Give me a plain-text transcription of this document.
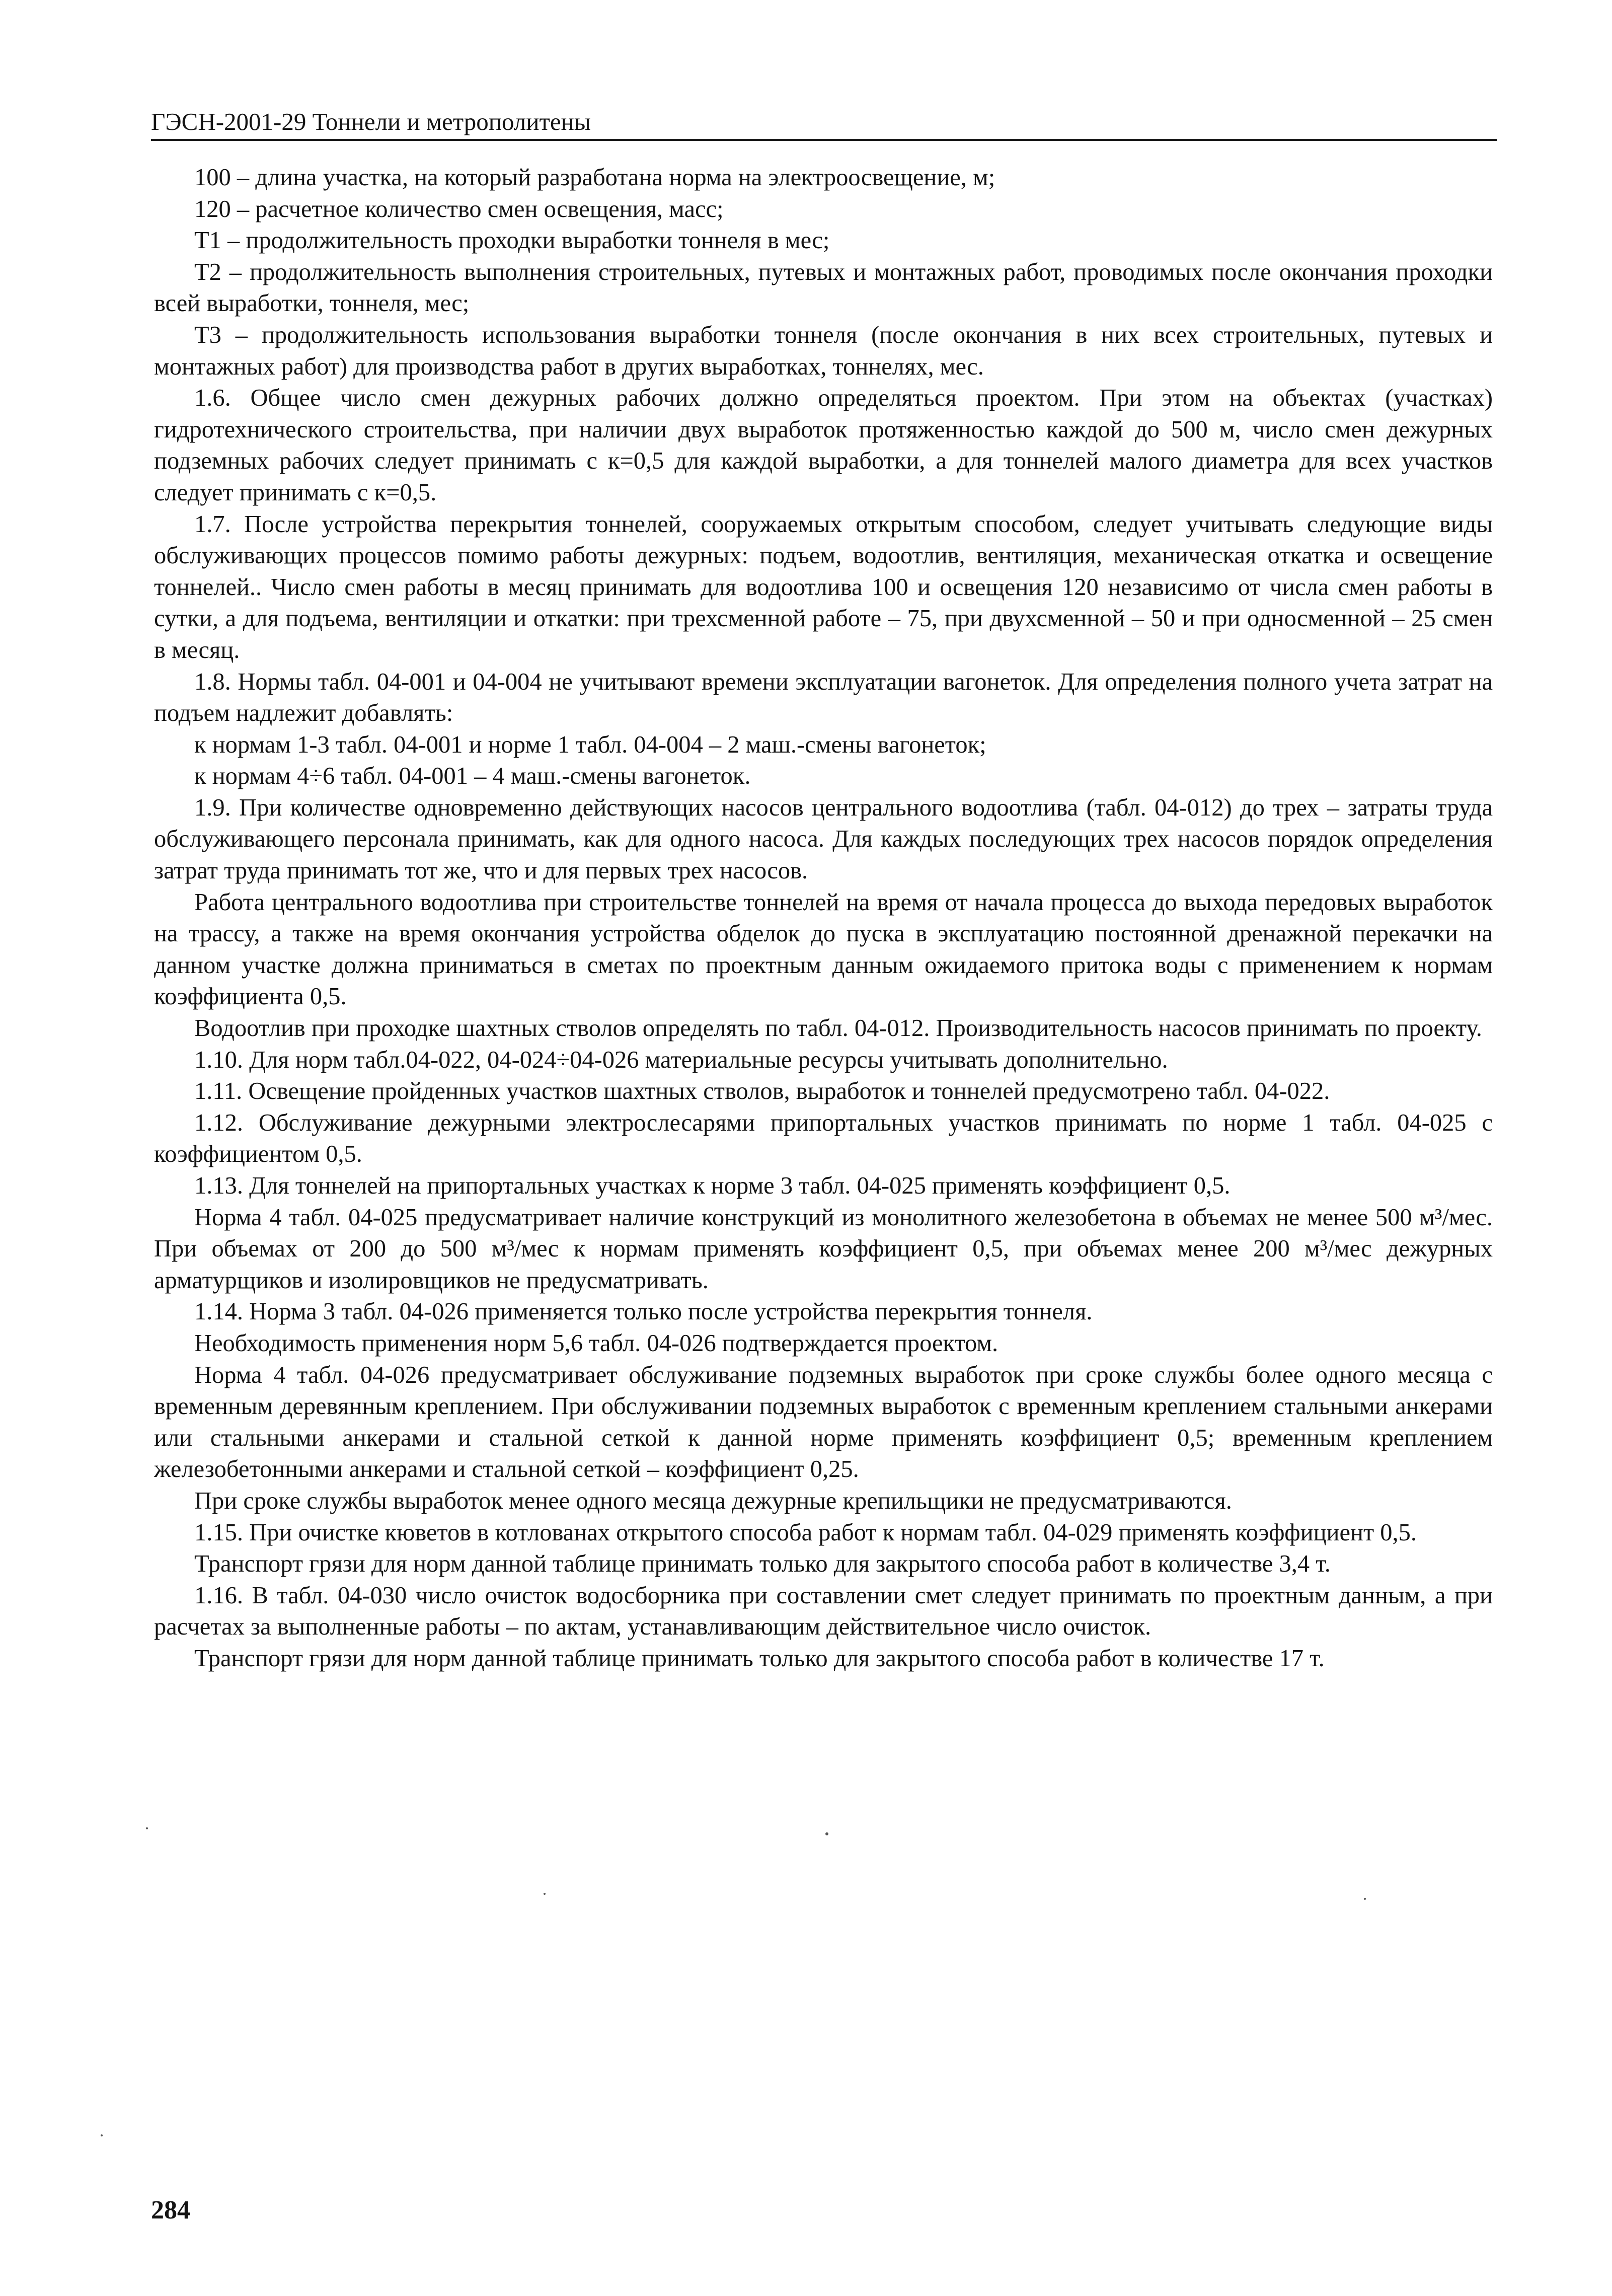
ГЭСН-2001-29 Тоннели и метрополитены

100 – длина участка, на который разработана норма на электроосвещение, м;

120 – расчетное количество смен освещения, масс;

Т1 – продолжительность проходки выработки тоннеля в мес;

Т2 – продолжительность выполнения строительных, путевых и монтажных работ, проводимых после окончания проходки всей выработки, тоннеля, мес;

Т3 – продолжительность использования выработки тоннеля (после окончания в них всех строительных, путевых и монтажных работ) для производства работ в других выработках, тоннелях, мес.

1.6. Общее число смен дежурных рабочих должно определяться проектом. При этом на объектах (участках) гидротехнического строительства, при наличии двух выработок протяженностью каждой до 500 м, число смен дежурных подземных рабочих следует принимать с к=0,5 для каждой выработки, а для тоннелей малого диаметра для всех участков следует принимать с к=0,5.

1.7. После устройства перекрытия тоннелей, сооружаемых открытым способом, следует учитывать следующие виды обслуживающих процессов помимо работы дежурных: подъем, водоотлив, вентиляция, механическая откатка и освещение тоннелей.. Число смен работы в месяц принимать для водоотлива 100 и освещения 120 независимо от числа смен работы в сутки, а для подъема, вентиляции и откатки: при трехсменной работе – 75, при двухсменной – 50 и при односменной – 25 смен в месяц.

1.8. Нормы табл. 04-001 и 04-004 не учитывают времени эксплуатации вагонеток. Для определения полного учета затрат на подъем надлежит добавлять:

к нормам 1-3 табл. 04-001 и норме 1 табл. 04-004 – 2 маш.-смены вагонеток;

к нормам 4÷6 табл. 04-001 – 4 маш.-смены вагонеток.

1.9. При количестве одновременно действующих насосов центрального водоотлива (табл. 04-012) до трех – затраты труда обслуживающего персонала принимать, как для одного насоса. Для каждых последующих трех насосов порядок определения затрат труда принимать тот же, что и для первых трех насосов.

Работа центрального водоотлива при строительстве тоннелей на время от начала процесса до выхода передовых выработок на трассу, а также на время окончания устройства обделок до пуска в эксплуатацию постоянной дренажной перекачки на данном участке должна приниматься в сметах по проектным данным ожидаемого притока воды с применением к нормам коэффициента 0,5.

Водоотлив при проходке шахтных стволов определять по табл. 04-012. Производительность насосов принимать по проекту.

1.10. Для норм табл.04-022, 04-024÷04-026 материальные ресурсы учитывать дополнительно.

1.11. Освещение пройденных участков шахтных стволов, выработок и тоннелей предусмотрено табл. 04-022.

1.12. Обслуживание дежурными электрослесарями припортальных участков принимать по норме 1 табл. 04-025 с коэффициентом 0,5.

1.13. Для тоннелей на припортальных участках к норме 3 табл. 04-025 применять коэффициент 0,5.

Норма 4 табл. 04-025 предусматривает наличие конструкций из монолитного железобетона в объемах не менее 500 м³/мес. При объемах от 200 до 500 м³/мес к нормам применять коэффициент 0,5, при объемах менее 200 м³/мес дежурных арматурщиков и изолировщиков не предусматривать.

1.14. Норма 3 табл. 04-026 применяется только после устройства перекрытия тоннеля.

Необходимость применения норм 5,6 табл. 04-026 подтверждается проектом.

Норма 4 табл. 04-026 предусматривает обслуживание подземных выработок при сроке службы более одного месяца с временным деревянным креплением. При обслуживании подземных выработок с временным креплением стальными анкерами или стальными анкерами и стальной сеткой к данной норме применять коэффициент 0,5; временным креплением железобетонными анкерами и стальной сеткой – коэффициент 0,25.

При сроке службы выработок менее одного месяца дежурные крепильщики не предусматриваются.

1.15. При очистке кюветов в котлованах открытого способа работ к нормам табл. 04-029 применять коэффициент 0,5.

Транспорт грязи для норм данной таблице принимать только для закрытого способа работ в количестве 3,4 т.

1.16. В табл. 04-030 число очисток водосборника при составлении смет следует принимать по проектным данным, а при расчетах за выполненные работы – по актам, устанавливающим действительное число очисток.

Транспорт грязи для норм данной таблице принимать только для закрытого способа работ в количестве 17 т.

284
